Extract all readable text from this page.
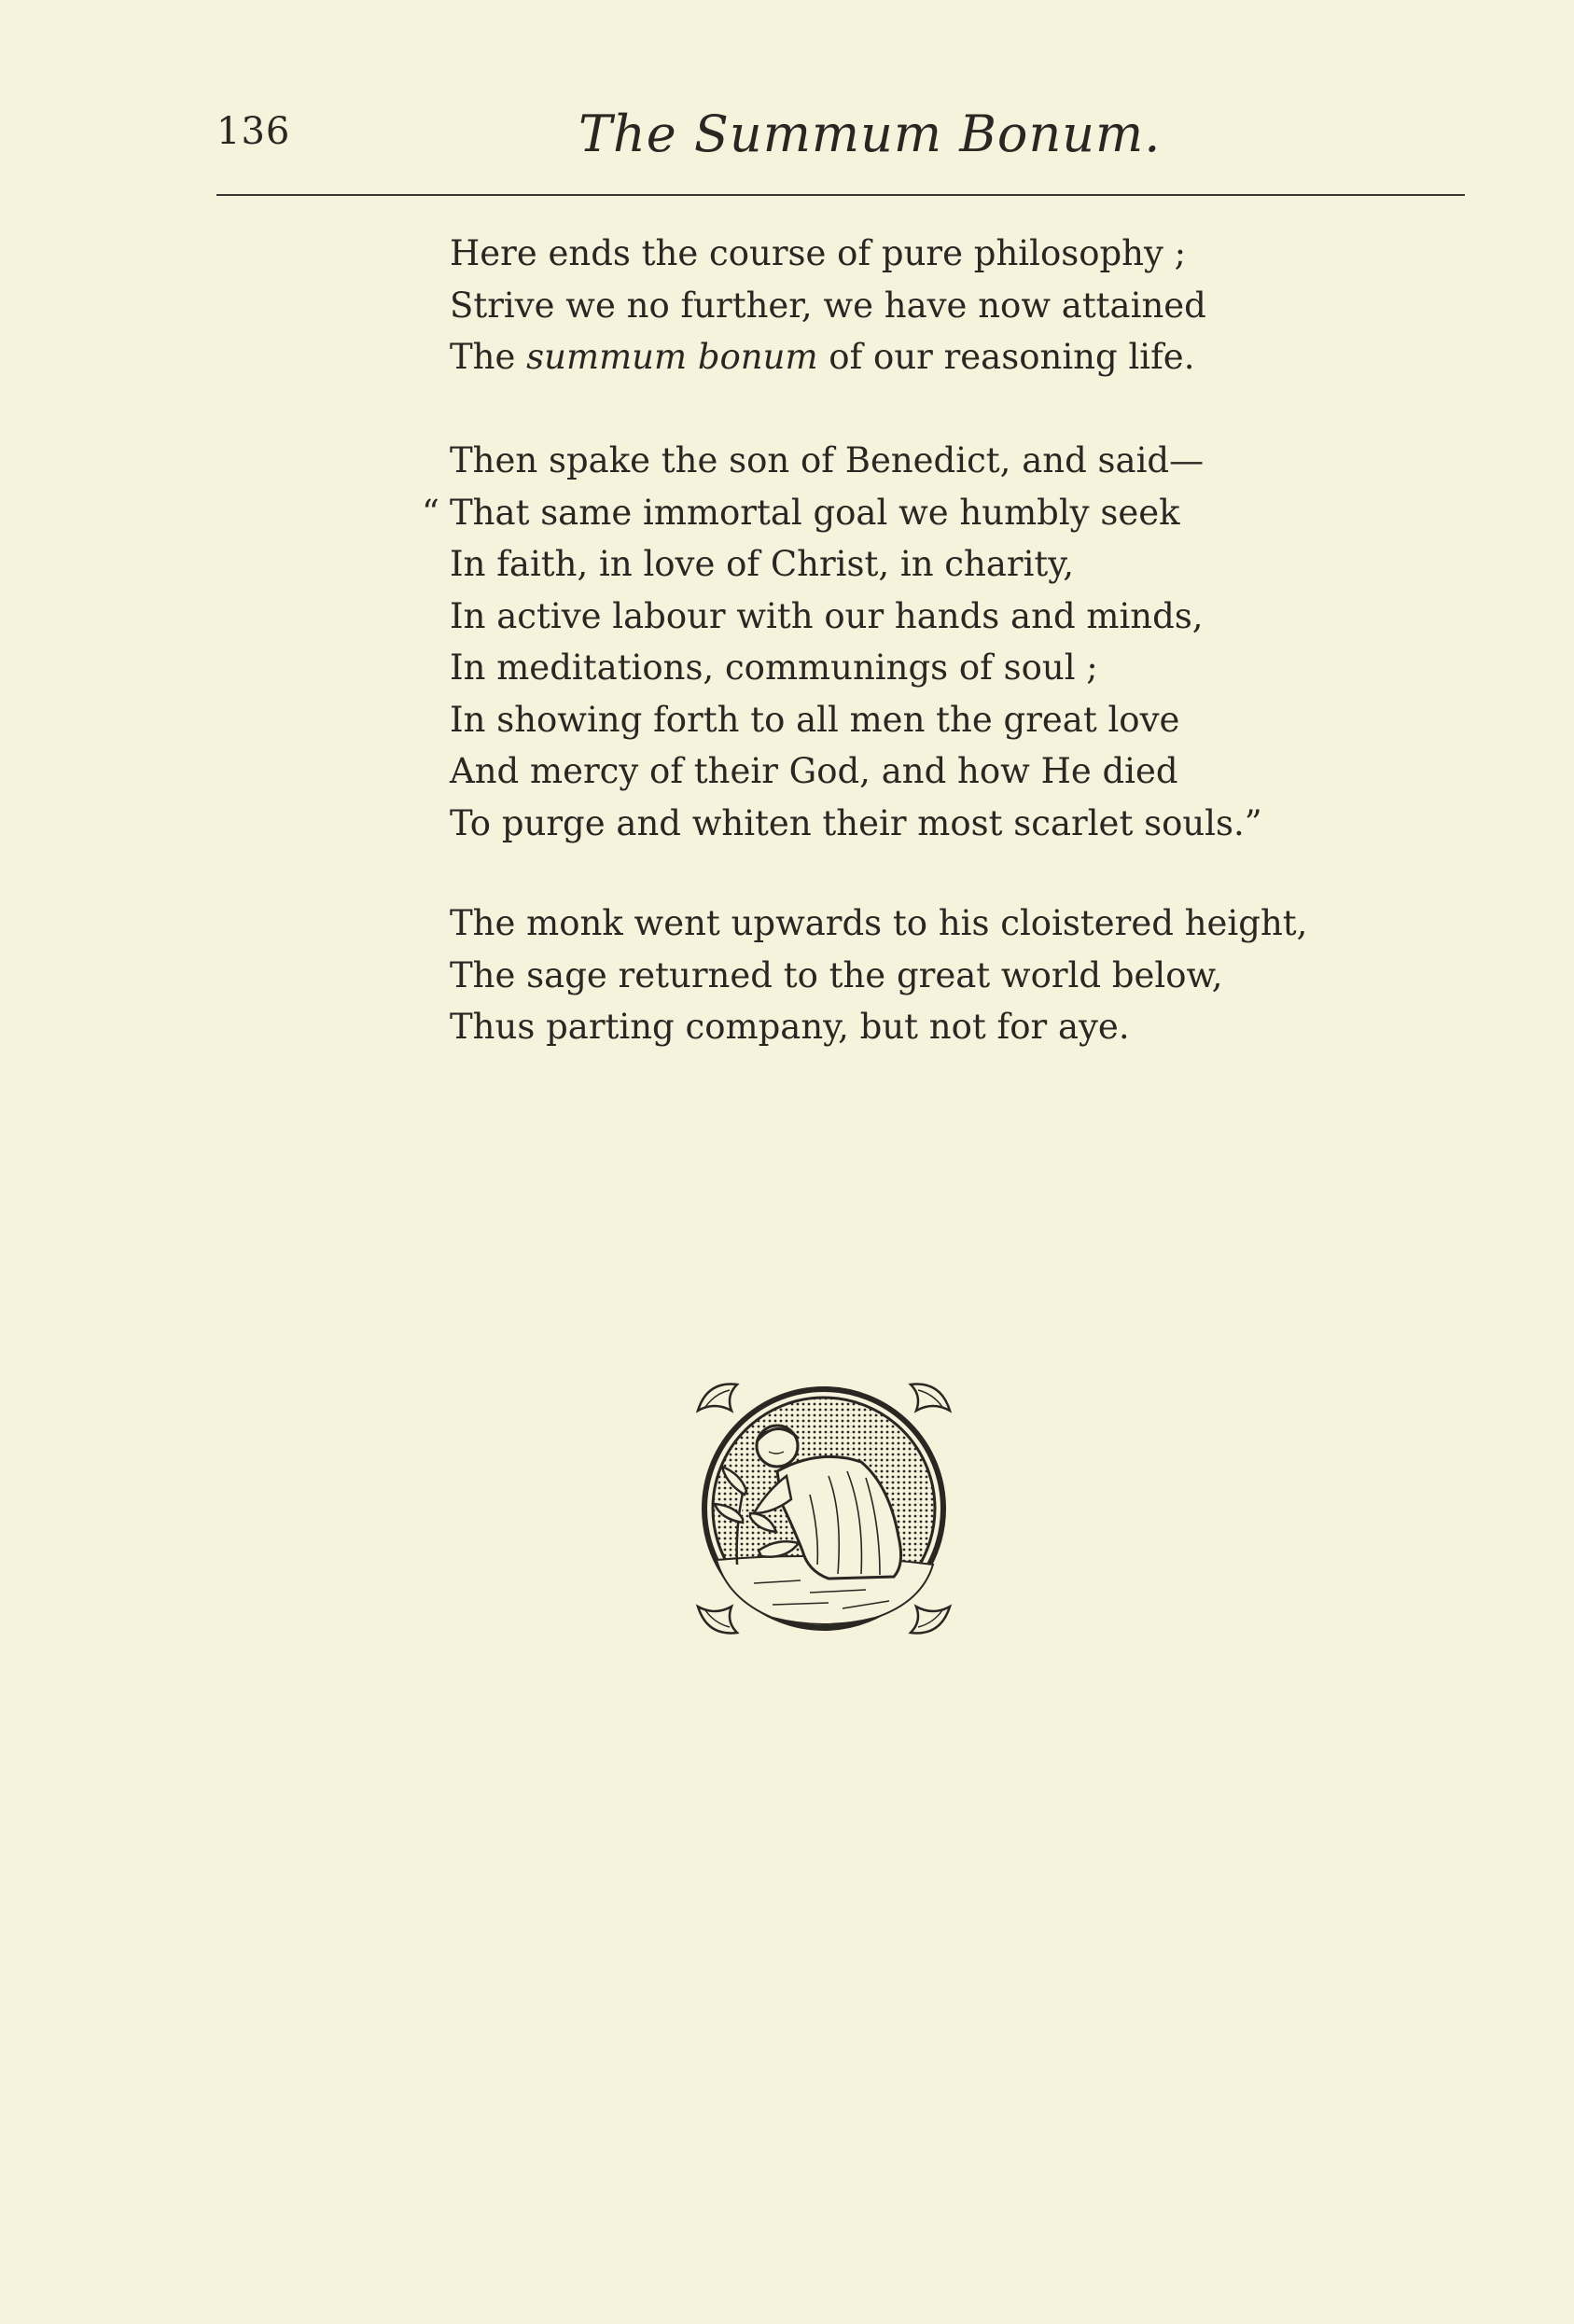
136	The Summum Bonum.
Here ends the course of pure philosophy ;
Strive we no further, we have now attained
The summum bonum of our reasoning life.
Then spake the son of Benedict, and said—
“ That same immortal goal we humbly seek
In faith, in love of Christ, in charity,
In active labour with our hands and minds,
In meditations, communings of soul ;
In showing forth to all men the great love
And mercy of their God, and how He died
To purge and whiten their most scarlet souls.”
The monk went upwards to his cloistered height,
The sage returned to the great world below,
Thus parting company, but not for aye.
